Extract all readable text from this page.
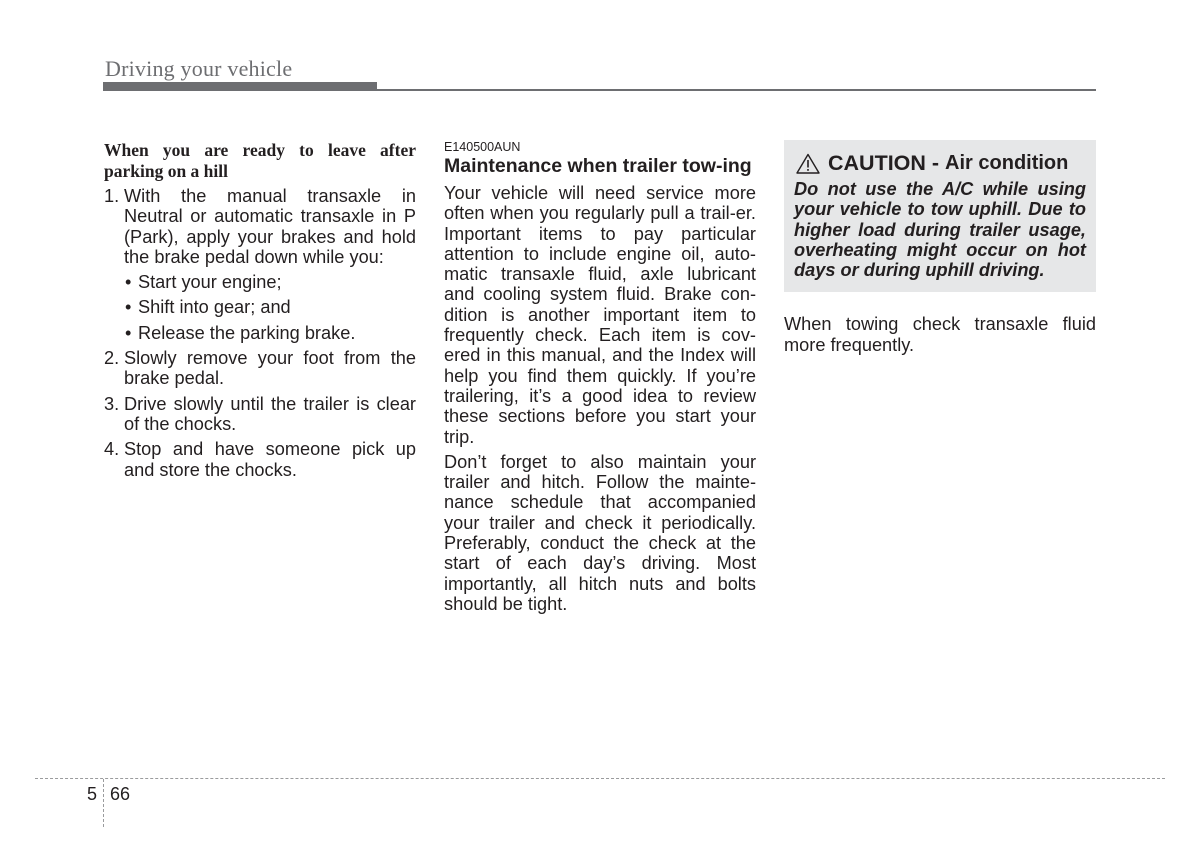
Driving your vehicle
When you are ready to leave after parking on a hill
1. With the manual transaxle in Neutral or automatic transaxle in P (Park), apply your brakes and hold the brake pedal down while you:
• Start your engine;
• Shift into gear; and
• Release the parking brake.
2. Slowly remove your foot from the brake pedal.
3. Drive slowly until the trailer is clear of the chocks.
4. Stop and have someone pick up and store the chocks.
E140500AUN
Maintenance when trailer tow-ing

Your vehicle will need service more often when you regularly pull a trail-er. Important items to pay particular attention to include engine oil, auto-matic transaxle fluid, axle lubricant and cooling system fluid. Brake con-dition is another important item to frequently check. Each item is cov-ered in this manual, and the Index will help you find them quickly. If you’re trailering, it’s a good idea to review these sections before you start your trip.

Don’t forget to also maintain your trailer and hitch. Follow the mainte-nance schedule that accompanied your trailer and check it periodically. Preferably, conduct the check at the start of each day’s driving. Most importantly, all hitch nuts and bolts should be tight.

CAUTION - Air condition
Do not use the A/C while using your vehicle to tow uphill. Due to higher load during trailer usage, overheating might occur on hot days or during uphill driving.

When towing check transaxle fluid more frequently.

5 66
